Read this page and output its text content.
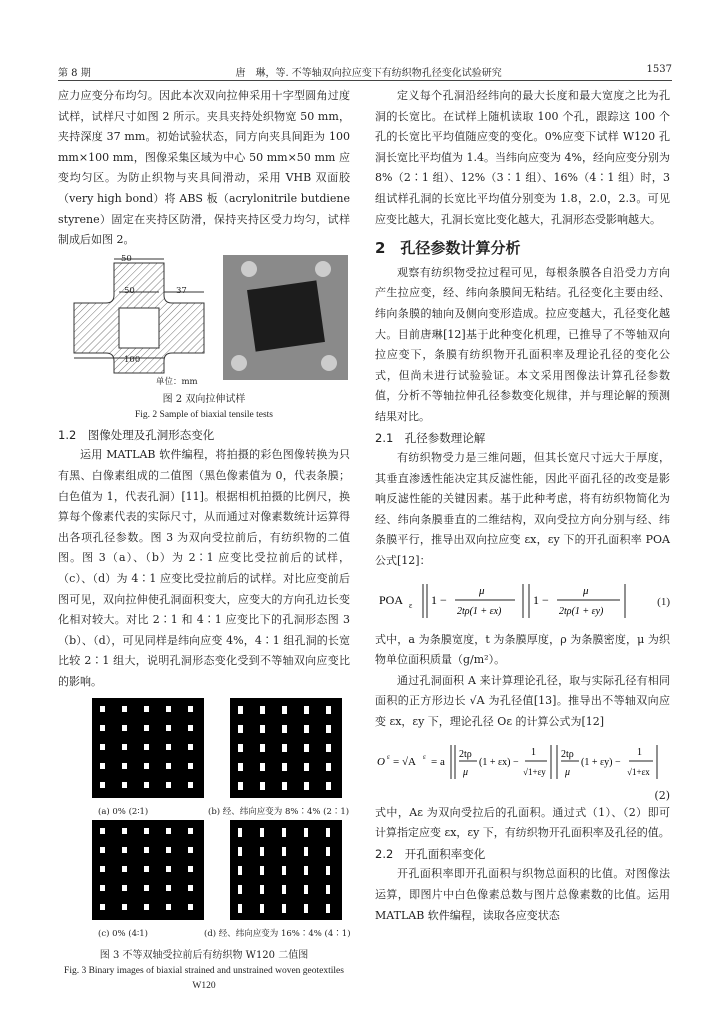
第 8 期	唐　琳，等. 不等轴双向拉应变下有纺织物孔径变化试验研究	1537

应力应变分布均匀。因此本次双向拉伸采用十字型圆角过度试样，试样尺寸如图 2 所示。夹具夹持处织物宽 50 mm，夹持深度 37 mm。初始试验状态，同方向夹具间距为 100 mm×100 mm，图像采集区域为中心 50 mm×50 mm 应变均匀区。为防止织物与夹具间滑动，采用 VHB 双面胶（very high bond）将 ABS 板（acrylonitrile butdiene styrene）固定在夹持区防滑，保持夹持区受力均匀，试样制成后如图 2。

50
50	37
100
单位：mm
图 2 双向拉伸试样
Fig. 2 Sample of biaxial tensile tests
1.2　图像处理及孔洞形态变化

运用 MATLAB 软件编程，将拍摄的彩色图像转换为只有黑、白像素组成的二值图（黑色像素值为 0，代表条膜；白色值为 1，代表孔洞）[11]。根据相机拍摄的比例尺，换算每个像素代表的实际尺寸，从而通过对像素数统计运算得出各项孔径参数。图 3 为双向受拉前后，有纺织物的二值图。图 3（a）、（b）为 2∶1 应变比受拉前后的试样，（c）、（d）为 4∶1 应变比受拉前后的试样。对比应变前后图可见，双向拉伸使孔洞面积变大，应变大的方向孔边长变化相对较大。对比 2∶1 和 4∶1 应变比下的孔洞形态图 3（b）、（d），可见同样是纬向应变 4%，4∶1 组孔洞的长宽比较 2∶1 组大，说明孔洞形态变化受到不等轴双向应变比的影响。

(a) 0% (2∶1)	(b) 经、纬向应变为 8%∶4% (2∶1)
(c) 0% (4∶1)	(d) 经、纬向应变为 16%∶4% (4∶1)
图 3 不等双轴受拉前后有纺织物 W120 二值图
Fig. 3 Binary images of biaxial strained and unstrained woven geotextiles W120

定义每个孔洞沿经纬向的最大长度和最大宽度之比为孔洞的长宽比。在试样上随机读取 100 个孔，跟踪这 100 个孔的长宽比平均值随应变的变化。0%应变下试样 W120 孔洞长宽比平均值为 1.4。当纬向应变为 4%，经向应变分别为 8%（2∶1 组）、12%（3∶1 组）、16%（4∶1 组）时，3 组试样孔洞的长宽比平均值分别变为 1.8，2.0，2.3。可见应变比越大，孔洞长宽比变化越大，孔洞形态受影响越大。

2　孔径参数计算分析

观察有纺织物受拉过程可见，每根条膜各自沿受力方向产生拉应变，经、纬向条膜间无粘结。孔径变化主要由经、纬向条膜的轴向及侧向变形造成。拉应变越大，孔径变化越大。目前唐琳[12]基于此种变化机理，已推导了不等轴双向拉应变下，条膜有纺织物开孔面积率及理论孔径的变化公式，但尚未进行试验验证。本文采用图像法计算孔径参数值，分析不等轴拉伸孔径参数变化规律，并与理论解的预测结果对比。

2.1　孔径参数理论解

有纺织物受力是三维问题，但其长宽尺寸远大于厚度，其垂直渗透性能决定其反滤性能，因此平面孔径的改变是影响反滤性能的关键因素。基于此种考虑，将有纺织物简化为经、纬向条膜垂直的二维结构，双向受拉方向分别与经、纬条膜平行，推导出双向拉应变 εx，εy 下的开孔面积率 POA公式[12]：

POA ε 1 −
μ
2tρ(1 + εx)
1 −
μ
2tρ(1 + εy)
(1)

式中，a 为条膜宽度，t 为条膜厚度，ρ 为条膜密度，μ 为织物单位面积质量（g/m²）。

通过孔洞面积 A 来计算理论孔径，取与实际孔径有相同面积的正方形边长 √A 为孔径值[13]。推导出不等轴双向应变 εx，εy 下，理论孔径 Oε 的计算公式为[12]

O ε = √A ε = a
2tρ
μ
(1 + εx) −
1
√1+εy
2tρ
μ
(1 + εy) −
1
√1+εx
(2)

式中，Aε 为双向受拉后的孔面积。通过式（1）、（2）即可计算指定应变 εx，εy 下，有纺织物开孔面积率及孔径的值。

2.2　开孔面积率变化

开孔面积率即开孔面积与织物总面积的比值。对图像法运算，即图片中白色像素总数与图片总像素数的比值。运用 MATLAB 软件编程，读取各应变状态
